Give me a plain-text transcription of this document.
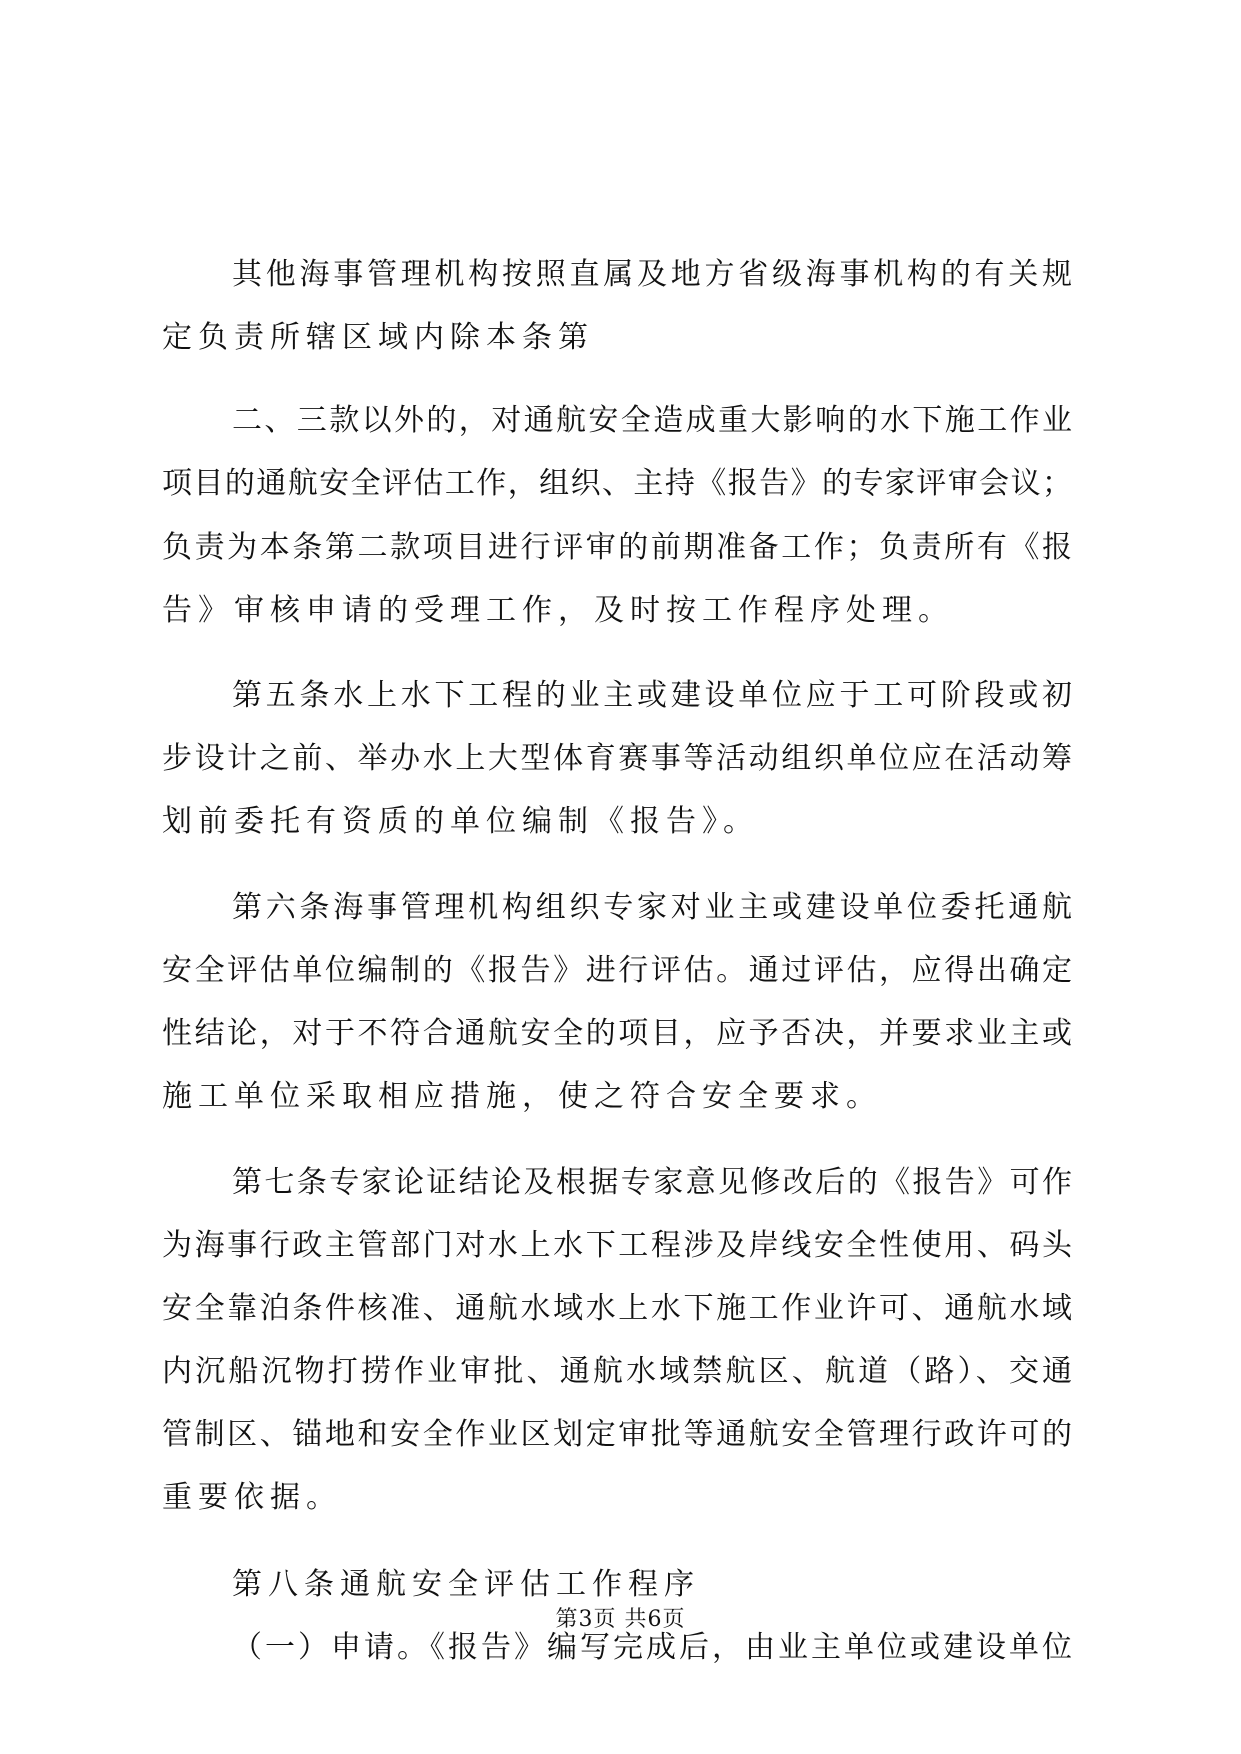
其他海事管理机构按照直属及地方省级海事机构的有关规
定负责所辖区域内除本条第
二、三款以外的，对通航安全造成重大影响的水下施工作业
项目的通航安全评估工作，组织、主持《报告》的专家评审会议；
负责为本条第二款项目进行评审的前期准备工作；负责所有《报
告》审核申请的受理工作，及时按工作程序处理。
第五条水上水下工程的业主或建设单位应于工可阶段或初
步设计之前、举办水上大型体育赛事等活动组织单位应在活动筹
划前委托有资质的单位编制《报告》。
第六条海事管理机构组织专家对业主或建设单位委托通航
安全评估单位编制的《报告》进行评估。通过评估，应得出确定
性结论，对于不符合通航安全的项目，应予否决，并要求业主或
施工单位采取相应措施，使之符合安全要求。
第七条专家论证结论及根据专家意见修改后的《报告》可作
为海事行政主管部门对水上水下工程涉及岸线安全性使用、码头
安全靠泊条件核准、通航水域水上水下施工作业许可、通航水域
内沉船沉物打捞作业审批、通航水域禁航区、航道（路）、交通
管制区、锚地和安全作业区划定审批等通航安全管理行政许可的
重要依据。
第八条通航安全评估工作程序
（一）申请。《报告》编写完成后，由业主单位或建设单位
第3页 共6页
